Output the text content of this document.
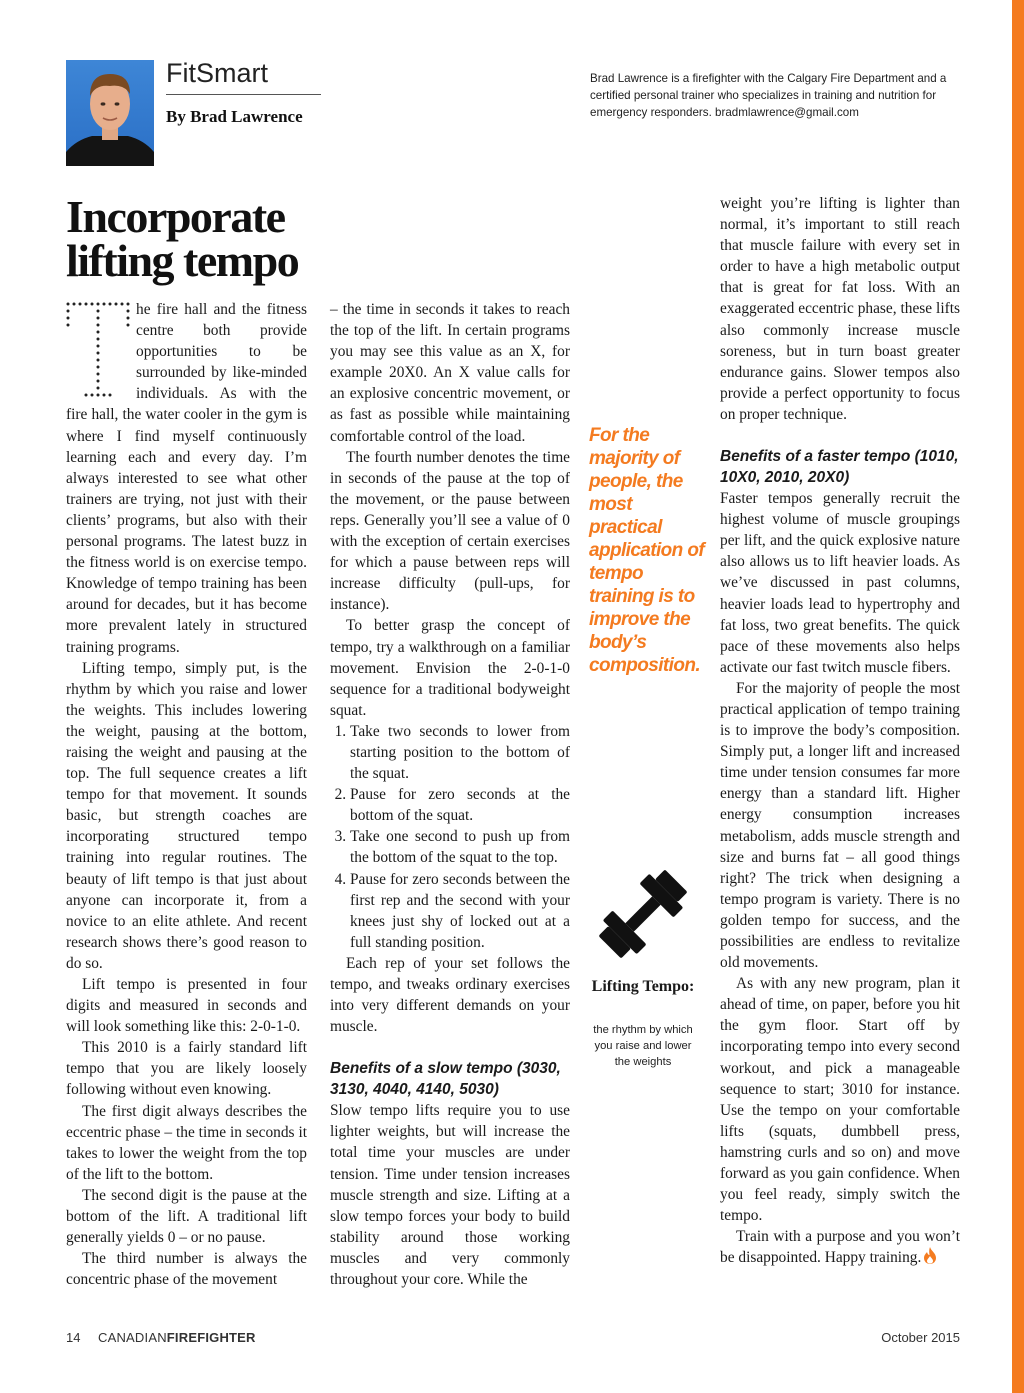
FitSmart
By Brad Lawrence
Brad Lawrence is a firefighter with the Calgary Fire Department and a certified personal trainer who specializes in training and nutrition for emergency responders. bradmlawrence@gmail.com
Incorporate lifting tempo

he fire hall and the fitness centre both provide opportunities to be surrounded by like-minded individuals. As with the fire hall, the water cooler in the gym is where I find myself continuously learning each and every day. I’m always interested to see what other trainers are trying, not just with their clients’ programs, but also with their personal programs. The latest buzz in the fitness world is on exercise tempo. Knowledge of tempo training has been around for decades, but it has become more prevalent lately in structured training programs.

Lifting tempo, simply put, is the rhythm by which you raise and lower the weights. This includes lowering the weight, pausing at the bottom, raising the weight and pausing at the top. The full sequence creates a lift tempo for that movement. It sounds basic, but strength coaches are incorporating structured tempo training into regular routines. The beauty of lift tempo is that just about anyone can incorporate it, from a novice to an elite athlete. And recent research shows there’s good reason to do so.

Lift tempo is presented in four digits and measured in seconds and will look something like this: 2-0-1-0.

This 2010 is a fairly standard lift tempo that you are likely loosely following without even knowing.

The first digit always describes the eccentric phase – the time in seconds it takes to lower the weight from the top of the lift to the bottom.

The second digit is the pause at the bottom of the lift. A traditional lift generally yields 0 – or no pause.

The third number is always the concentric phase of the movement

– the time in seconds it takes to reach the top of the lift. In certain programs you may see this value as an X, for example 20X0. An X value calls for an explosive concentric movement, or as fast as possible while maintaining comfortable control of the load.

The fourth number denotes the time in seconds of the pause at the top of the movement, or the pause between reps. Generally you’ll see a value of 0 with the exception of certain exercises for which a pause between reps will increase difficulty (pull-ups, for instance).

To better grasp the concept of tempo, try a walkthrough on a familiar movement. Envision the 2-0-1-0 sequence for a traditional bodyweight squat.

1. Take two seconds to lower from starting position to the bottom of the squat.
2. Pause for zero seconds at the bottom of the squat.
3. Take one second to push up from the bottom of the squat to the top.
4. Pause for zero seconds between the first rep and the second with your knees just shy of locked out at a full standing position.

Each rep of your set follows the tempo, and tweaks ordinary exercises into very different demands on your muscle.

Benefits of a slow tempo (3030, 3130, 4040, 4140, 5030)

Slow tempo lifts require you to use lighter weights, but will increase the total time your muscles are under tension. Time under tension increases muscle strength and size. Lifting at a slow tempo forces your body to build stability around those working muscles and very commonly throughout your core. While the

For the majority of people, the most practical application of tempo training is to improve the body’s composition.
Lifting Tempo:
the rhythm by which you raise and lower the weights

weight you’re lifting is lighter than normal, it’s important to still reach that muscle failure with every set in order to have a high metabolic output that is great for fat loss. With an exaggerated eccentric phase, these lifts also commonly increase muscle soreness, but in turn boast greater endurance gains. Slower tempos also provide a perfect opportunity to focus on proper technique.

Benefits of a faster tempo (1010, 10X0, 2010, 20X0)

Faster tempos generally recruit the highest volume of muscle groupings per lift, and the quick explosive nature also allows us to lift heavier loads. As we’ve discussed in past columns, heavier loads lead to hypertrophy and fat loss, two great benefits. The quick pace of these movements also helps activate our fast twitch muscle fibers.

For the majority of people the most practical application of tempo training is to improve the body’s composition. Simply put, a longer lift and increased time under tension consumes far more energy than a standard lift. Higher energy consumption increases metabolism, adds muscle strength and size and burns fat – all good things right? The trick when designing a tempo program is variety. There is no golden tempo for success, and the possibilities are endless to revitalize old movements.

As with any new program, plan it ahead of time, on paper, before you hit the gym floor. Start off by incorporating tempo into every second workout, and pick a manageable sequence to start; 3010 for instance. Use the tempo on your comfortable lifts (squats, dumbbell press, hamstring curls and so on) and move forward as you gain confidence. When you feel ready, simply switch the tempo.

Train with a purpose and you won’t be disappointed. Happy training.

14 CANADIANFIREFIGHTER	October 2015
